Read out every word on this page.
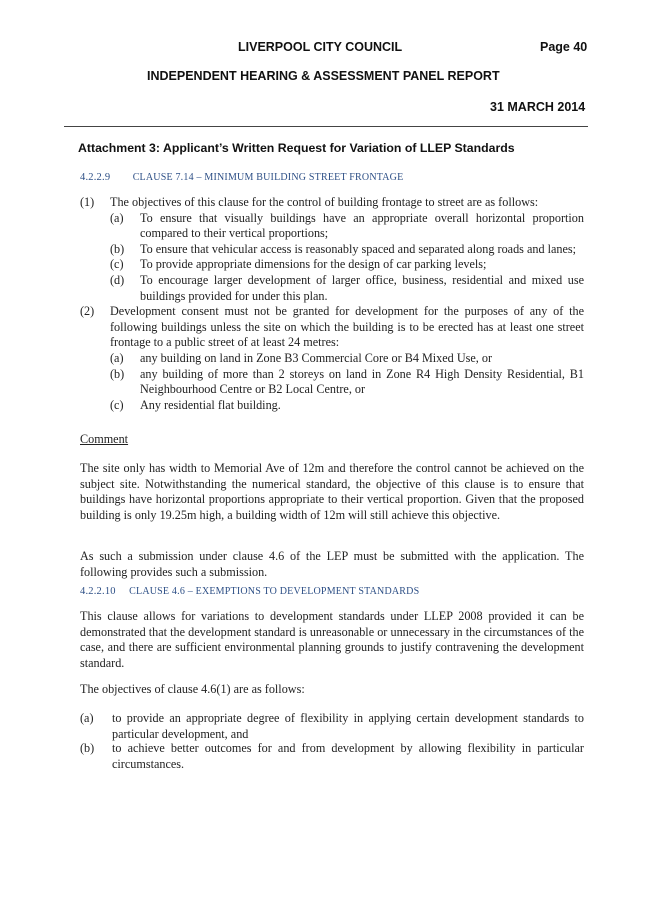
LIVERPOOL CITY COUNCIL	Page 40
INDEPENDENT HEARING & ASSESSMENT PANEL REPORT
31 MARCH 2014
Attachment 3: Applicant’s Written Request for Variation of LLEP Standards
4.2.2.9 CLAUSE 7.14 – MINIMUM BUILDING STREET FRONTAGE
(1) The objectives of this clause for the control of building frontage to street are as follows:
(a) To ensure that visually buildings have an appropriate overall horizontal proportion compared to their vertical proportions;
(b) To ensure that vehicular access is reasonably spaced and separated along roads and lanes;
(c) To provide appropriate dimensions for the design of car parking levels;
(d) To encourage larger development of larger office, business, residential and mixed use buildings provided for under this plan.
(2) Development consent must not be granted for development for the purposes of any of the following buildings unless the site on which the building is to be erected has at least one street frontage to a public street of at least 24 metres:
(a) any building on land in Zone B3 Commercial Core or B4 Mixed Use, or
(b) any building of more than 2 storeys on land in Zone R4 High Density Residential, B1 Neighbourhood Centre or B2 Local Centre, or
(c) Any residential flat building.
Comment
The site only has width to Memorial Ave of 12m and therefore the control cannot be achieved on the subject site. Notwithstanding the numerical standard, the objective of this clause is to ensure that buildings have horizontal proportions appropriate to their vertical proportion. Given that the proposed building is only 19.25m high, a building width of 12m will still achieve this objective.
As such a submission under clause 4.6 of the LEP must be submitted with the application. The following provides such a submission.
4.2.2.10 CLAUSE 4.6 – EXEMPTIONS TO DEVELOPMENT STANDARDS
This clause allows for variations to development standards under LLEP 2008 provided it can be demonstrated that the development standard is unreasonable or unnecessary in the circumstances of the case, and there are sufficient environmental planning grounds to justify contravening the development standard.
The objectives of clause 4.6(1) are as follows:
(a) to provide an appropriate degree of flexibility in applying certain development standards to particular development, and
(b) to achieve better outcomes for and from development by allowing flexibility in particular circumstances.
